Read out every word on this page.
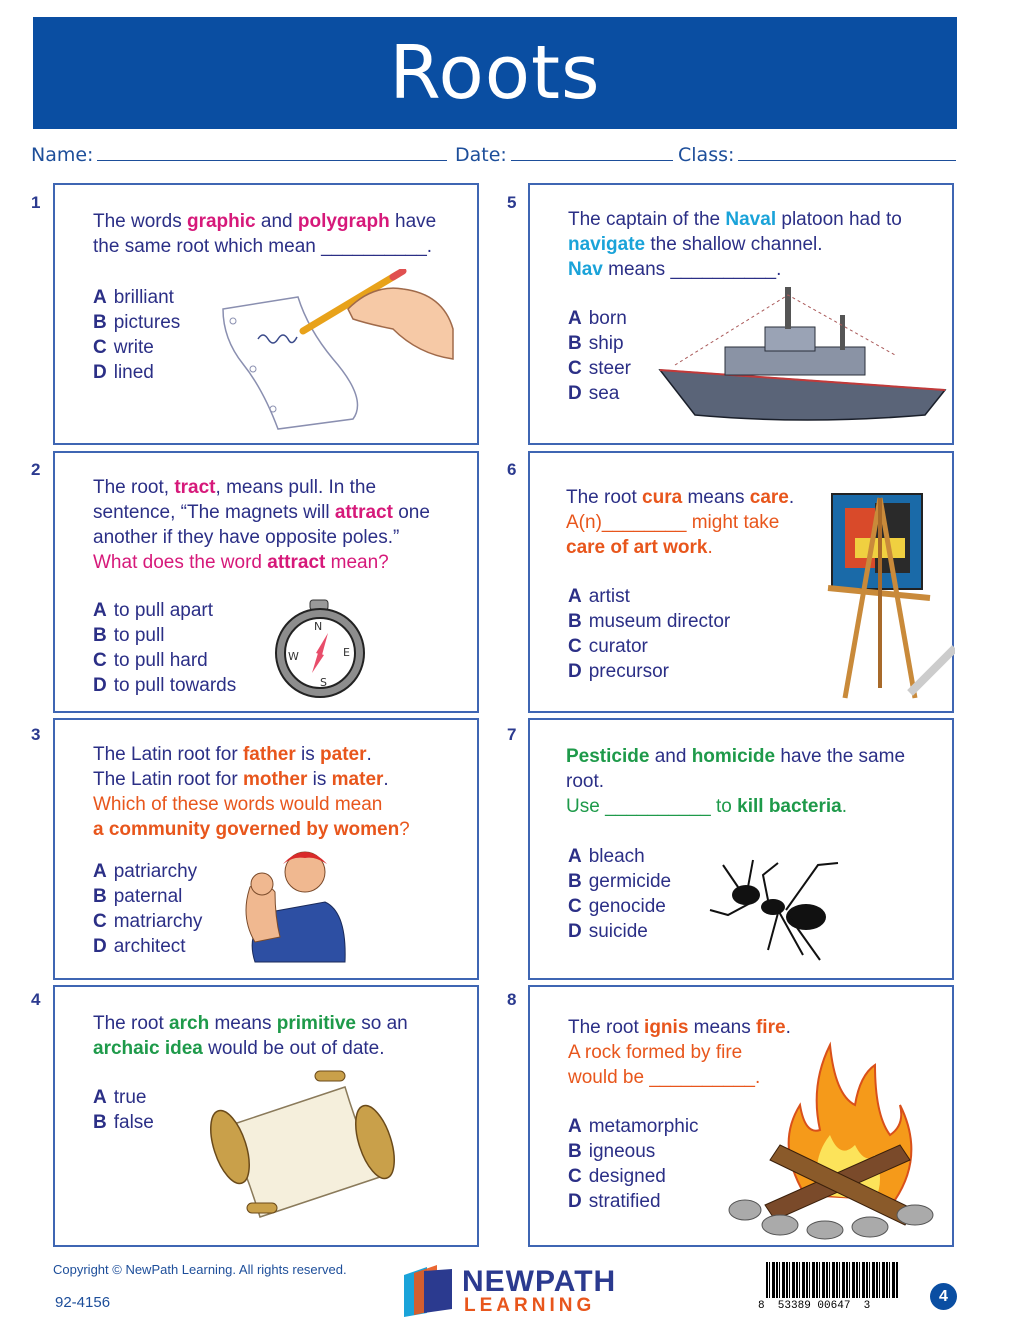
Roots
Name:	Date:	Class:
1
2
3
4
5
6
7
8
The words graphic and polygraph have the same root which mean __________.
A brilliant
B pictures
C write
D lined
The root, tract, means pull. In the sentence, “The magnets will attract one another if they have opposite poles.”
What does the word attract mean?
A to pull apart
B to pull
C to pull hard
D to pull towards
N
E
S
W
The Latin root for father is pater.
The Latin root for mother is mater.
Which of these words would mean
a community governed by women?
A patriarchy
B paternal
C matriarchy
D architect
The root arch means primitive so an
archaic idea would be out of date.
A true
B false
The captain of the Naval platoon had to navigate the shallow channel.
Nav means __________.
A born
B ship
C steer
D sea
The root cura means care.
A(n)________ might take
care of art work.
A artist
B museum director
C curator
D precursor
Pesticide and homicide have the same root.
Use __________ to kill bacteria.
A bleach
B germicide
C genocide
D suicide
The root ignis means fire.
A rock formed by fire
would be __________.
A metamorphic
B igneous
C designed
D stratified
Copyright © NewPath Learning. All rights reserved.
92-4156
NEWPATH
LEARNING	8  53389 00647  3
4
